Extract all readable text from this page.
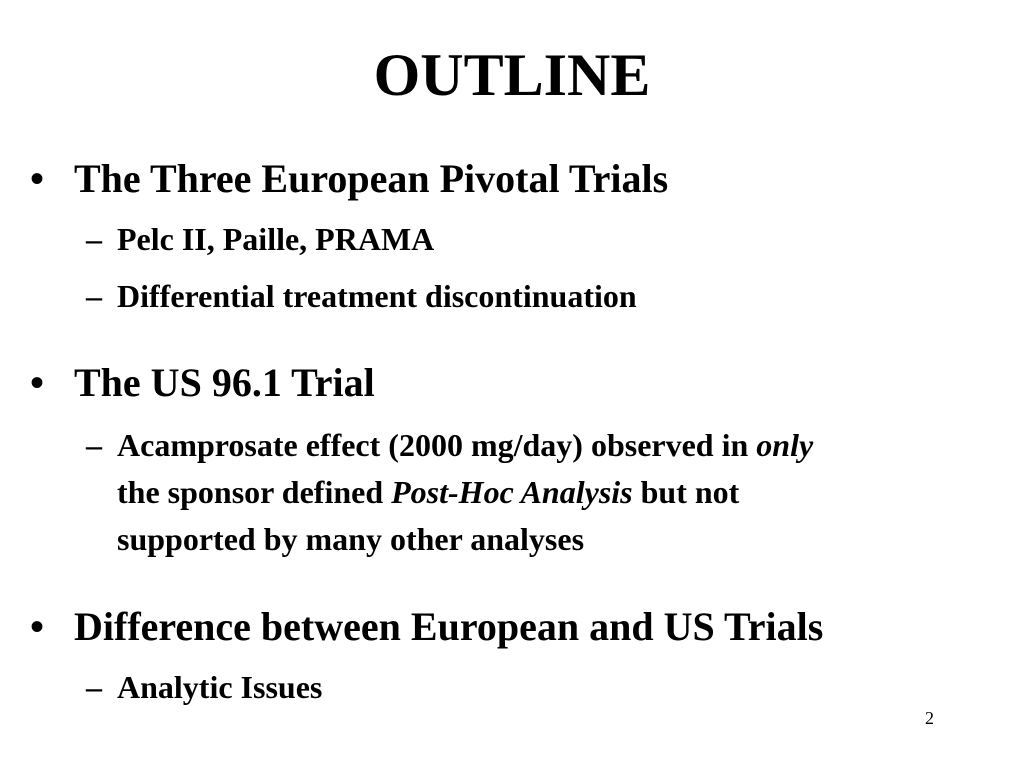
OUTLINE
• The Three European Pivotal Trials
– Pelc II, Paille, PRAMA
– Differential treatment discontinuation
• The US 96.1 Trial
– Acamprosate effect (2000 mg/day) observed in only
the sponsor defined Post-Hoc Analysis but not
supported by many other analyses
• Difference between European and US Trials
– Analytic Issues
2
